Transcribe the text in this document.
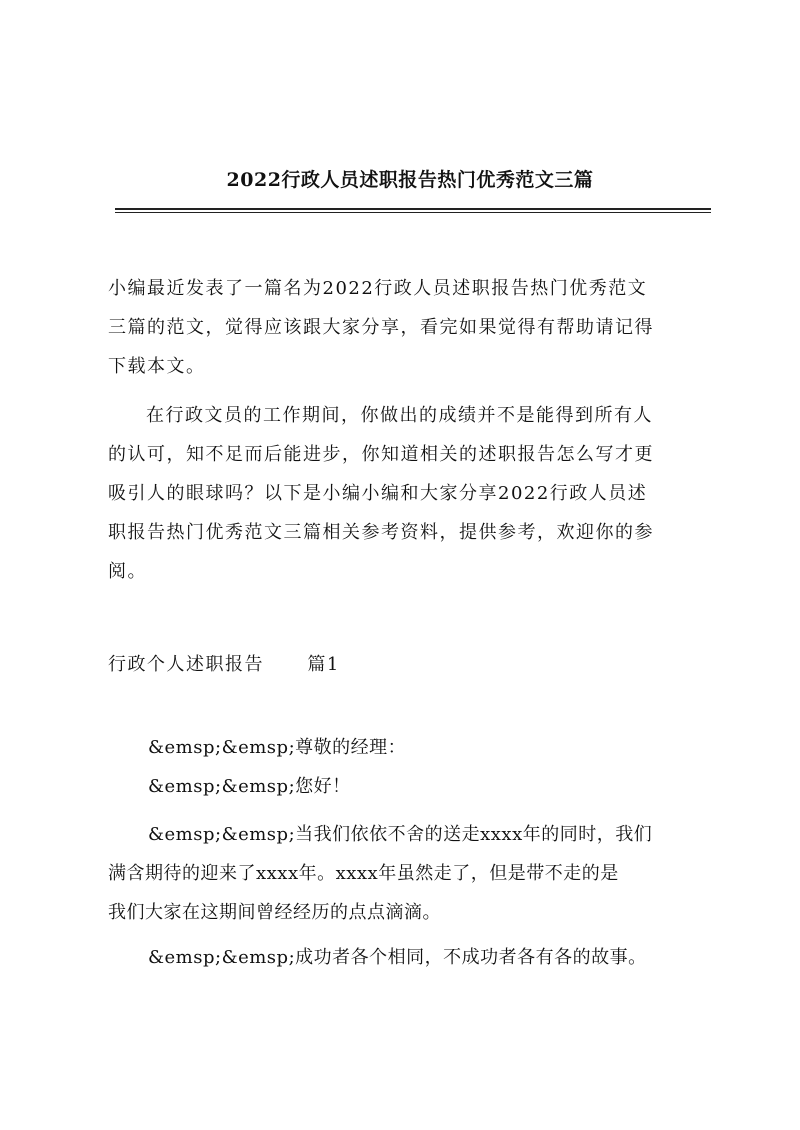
2022行政人员述职报告热门优秀范文三篇

小编最近发表了一篇名为2022行政人员述职报告热门优秀范文
三篇的范文，觉得应该跟大家分享，看完如果觉得有帮助请记得
下载本文。

在行政文员的工作期间，你做出的成绩并不是能得到所有人
的认可，知不足而后能进步，你知道相关的述职报告怎么写才更
吸引人的眼球吗？以下是小编小编和大家分享2022行政人员述
职报告热门优秀范文三篇相关参考资料，提供参考，欢迎你的参
阅。

行政个人述职报告      篇1
&emsp;&emsp;尊敬的经理：
&emsp;&emsp;您好！

&emsp;&emsp;当我们依依不舍的送走xxxx年的同时，我们
满含期待的迎来了xxxx年。xxxx年虽然走了，但是带不走的是
我们大家在这期间曾经经历的点点滴滴。

&emsp;&emsp;成功者各个相同，不成功者各有各的故事。
